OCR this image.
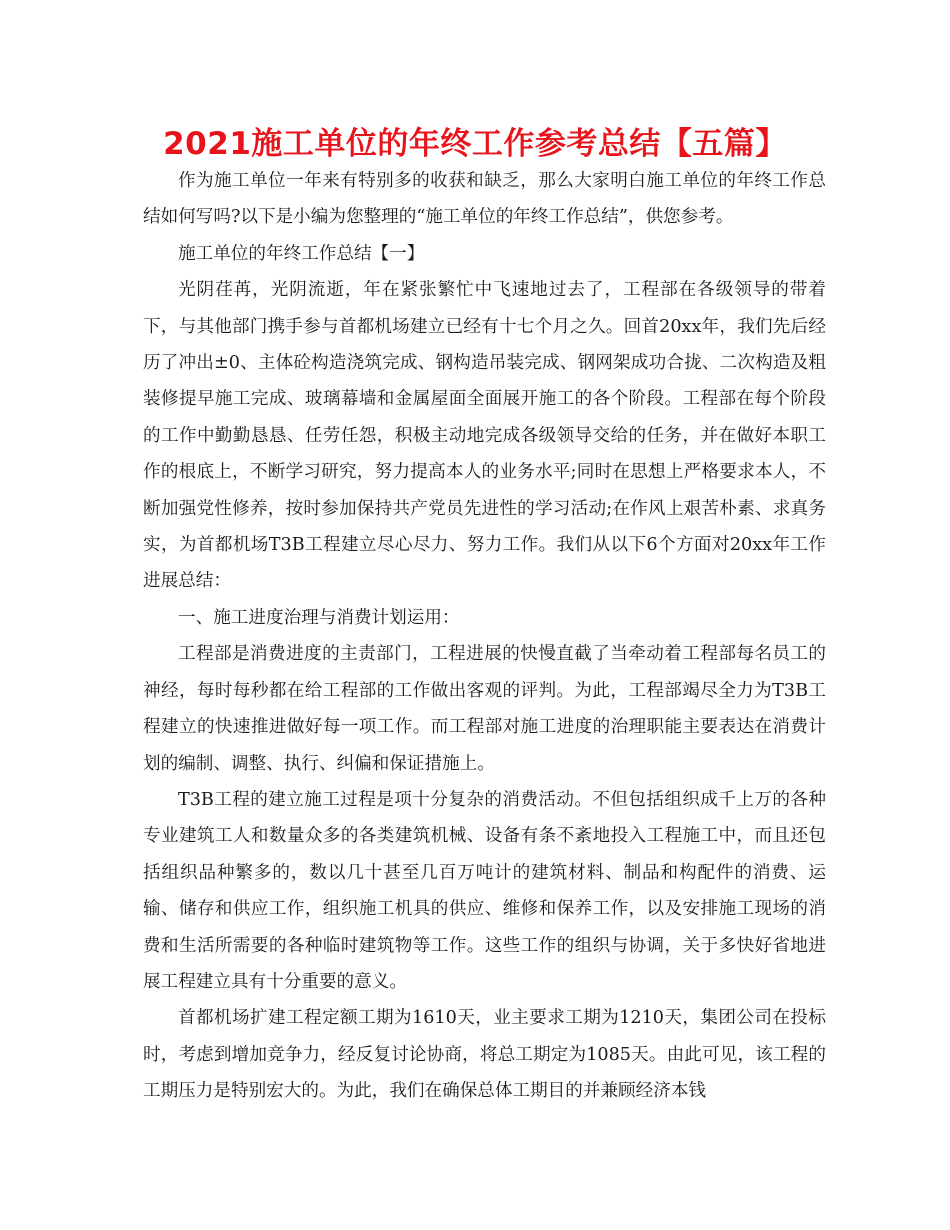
2021施工单位的年终工作参考总结【五篇】

作为施工单位一年来有特别多的收获和缺乏，那么大家明白施工单位的年终工作总结如何写吗?以下是小编为您整理的“施工单位的年终工作总结”，供您参考。

施工单位的年终工作总结【一】

光阴荏苒，光阴流逝，年在紧张繁忙中飞速地过去了，工程部在各级领导的带着下，与其他部门携手参与首都机场建立已经有十七个月之久。回首20xx年，我们先后经历了冲出±0、主体砼构造浇筑完成、钢构造吊装完成、钢网架成功合拢、二次构造及粗装修提早施工完成、玻璃幕墙和金属屋面全面展开施工的各个阶段。工程部在每个阶段的工作中勤勤恳恳、任劳任怨，积极主动地完成各级领导交给的任务，并在做好本职工作的根底上，不断学习研究，努力提高本人的业务水平;同时在思想上严格要求本人，不断加强党性修养，按时参加保持共产党员先进性的学习活动;在作风上艰苦朴素、求真务实，为首都机场T3B工程建立尽心尽力、努力工作。我们从以下6个方面对20xx年工作进展总结：

一、施工进度治理与消费计划运用：

工程部是消费进度的主责部门，工程进展的快慢直截了当牵动着工程部每名员工的神经，每时每秒都在给工程部的工作做出客观的评判。为此，工程部竭尽全力为T3B工程建立的快速推进做好每一项工作。而工程部对施工进度的治理职能主要表达在消费计划的编制、调整、执行、纠偏和保证措施上。

T3B工程的建立施工过程是项十分复杂的消费活动。不但包括组织成千上万的各种专业建筑工人和数量众多的各类建筑机械、设备有条不紊地投入工程施工中，而且还包括组织品种繁多的，数以几十甚至几百万吨计的建筑材料、制品和构配件的消费、运输、储存和供应工作，组织施工机具的供应、维修和保养工作，以及安排施工现场的消费和生活所需要的各种临时建筑物等工作。这些工作的组织与协调，关于多快好省地进展工程建立具有十分重要的意义。

首都机场扩建工程定额工期为1610天，业主要求工期为1210天，集团公司在投标时，考虑到增加竞争力，经反复讨论协商，将总工期定为1085天。由此可见，该工程的工期压力是特别宏大的。为此，我们在确保总体工期目的并兼顾经济本钱
